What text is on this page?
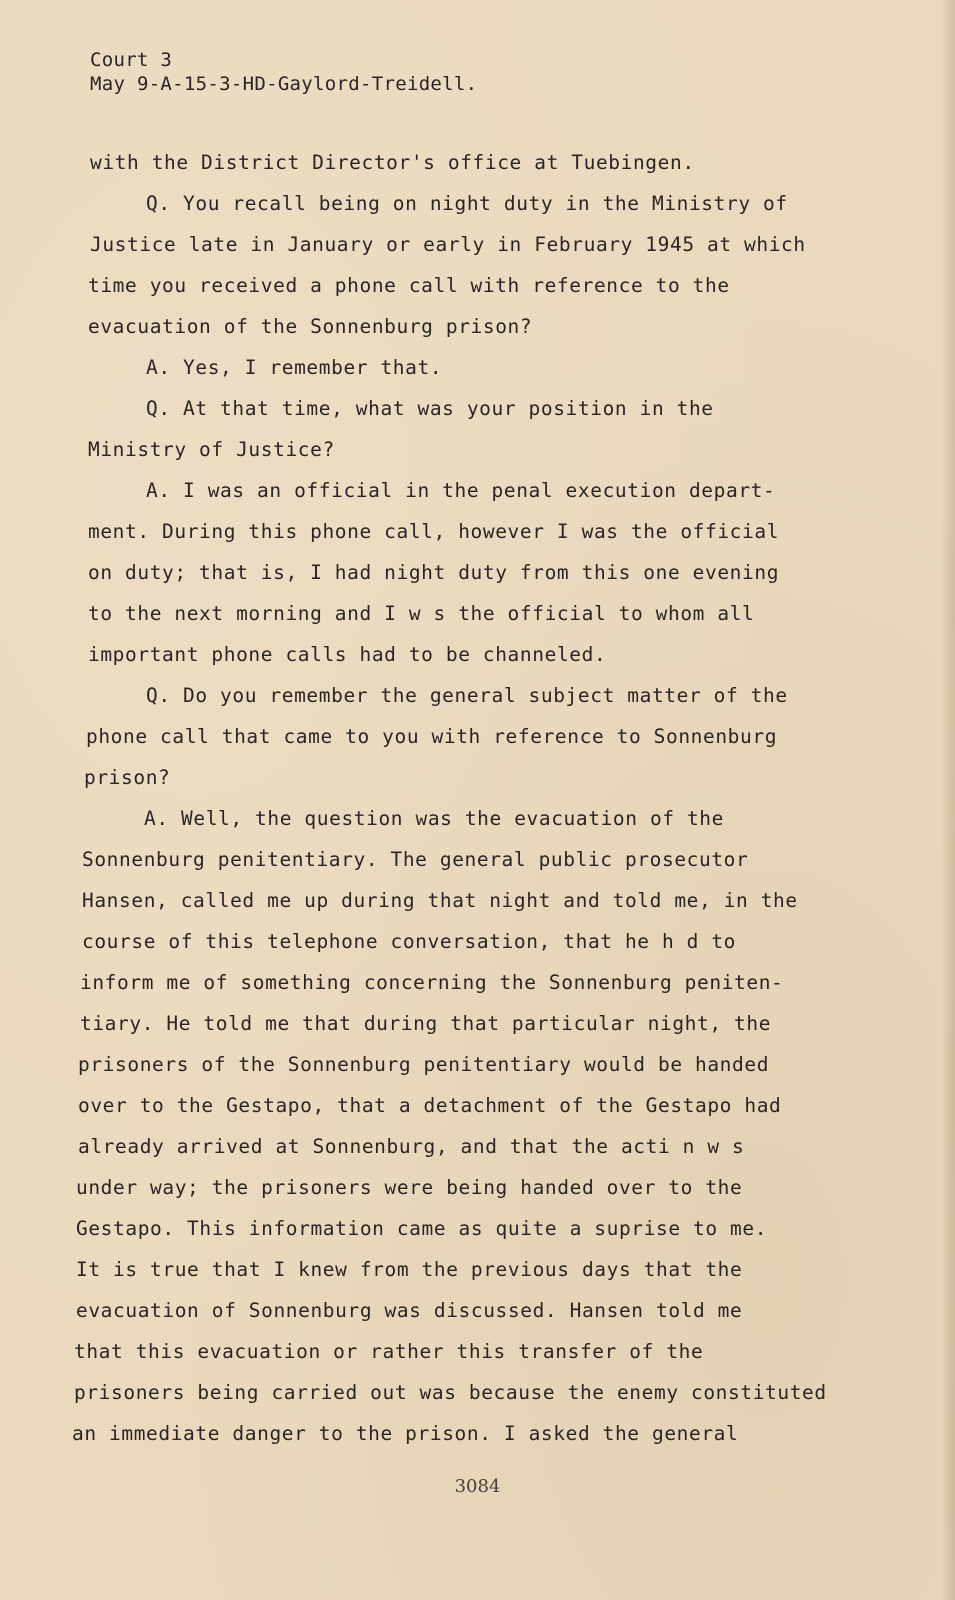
Court 3
May 9-A-15-3-HD-Gaylord-Treidell.
with the District Director's office at Tuebingen.
Q. You recall being on night duty in the Ministry of
Justice late in January or early in February 1945 at which
time you received a phone call with reference to the
evacuation of the Sonnenburg prison?
A. Yes, I remember that.
Q. At that time, what was your position in the
Ministry of Justice?
A. I was an official in the penal execution depart-
ment. During this phone call, however I was the official
on duty; that is, I had night duty from this one evening
to the next morning and I w s the official to whom all
important phone calls had to be channeled.
Q. Do you remember the general subject matter of the
phone call that came to you with reference to Sonnenburg
prison?
A. Well, the question was the evacuation of the
Sonnenburg penitentiary. The general public prosecutor
Hansen, called me up during that night and told me, in the
course of this telephone conversation, that he h d to
inform me of something concerning the Sonnenburg peniten-
tiary. He told me that during that particular night, the
prisoners of the Sonnenburg penitentiary would be handed
over to the Gestapo, that a detachment of the Gestapo had
already arrived at Sonnenburg, and that the acti n w s
under way; the prisoners were being handed over to the
Gestapo. This information came as quite a suprise to me.
It is true that I knew from the previous days that the
evacuation of Sonnenburg was discussed. Hansen told me
that this evacuation or rather this transfer of the
prisoners being carried out was because the enemy constituted
an immediate danger to the prison. I asked the general
3084
